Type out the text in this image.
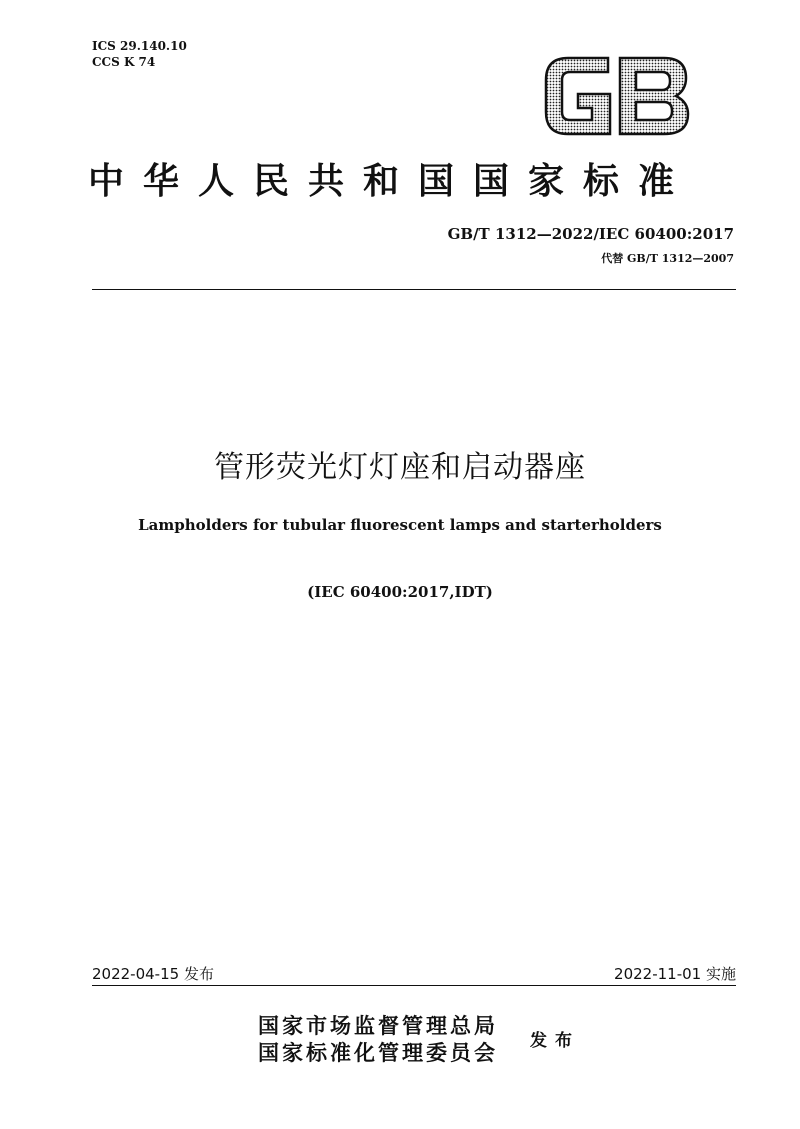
ICS 29.140.10
CCS K 74
中华人民共和国国家标准
GB/T 1312—2022/IEC 60400:2017
代替 GB/T 1312—2007
管形荧光灯灯座和启动器座
Lampholders for tubular fluorescent lamps and starterholders
(IEC 60400:2017,IDT)
2022-04-15 发布	2022-11-01 实施
国家市场监督管理总局
国家标准化管理委员会 发布
